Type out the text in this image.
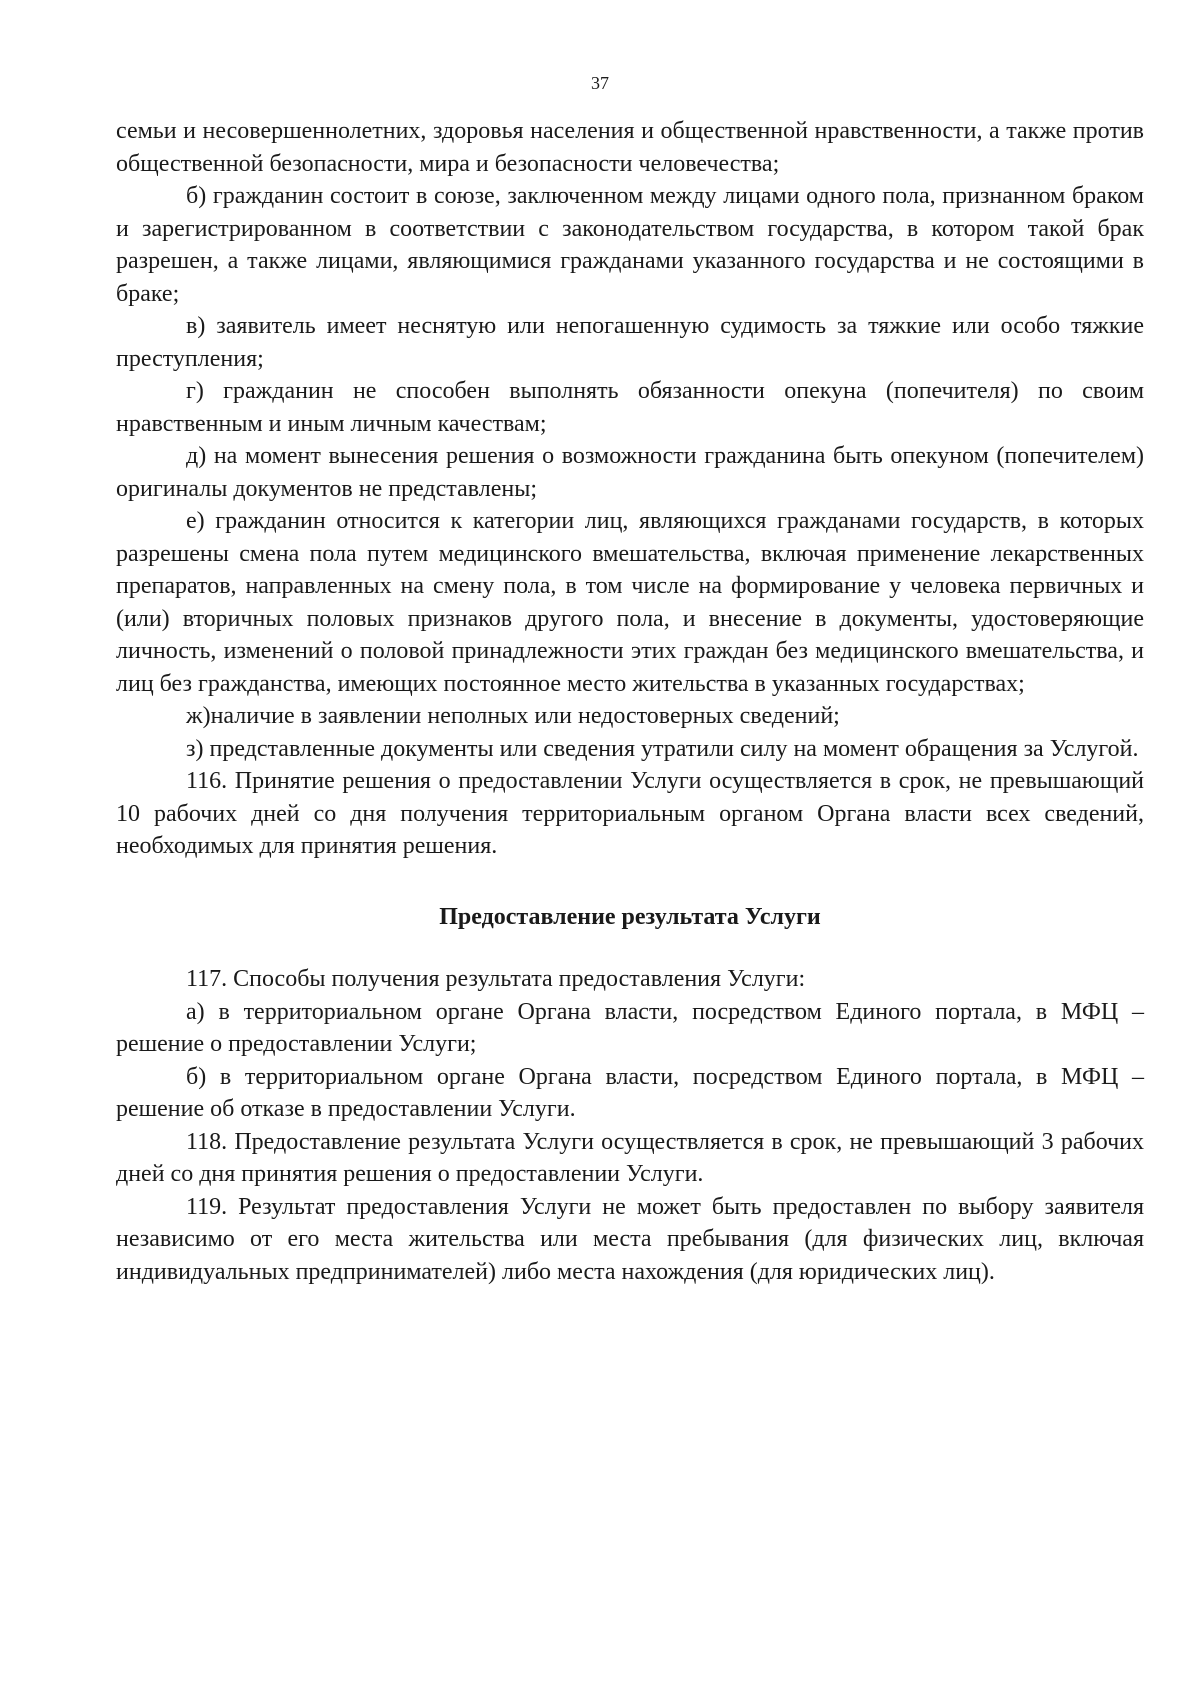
37

семьи и несовершеннолетних, здоровья населения и общественной нравственности, а также против общественной безопасности, мира и безопасности человечества;

б) гражданин состоит в союзе, заключенном между лицами одного пола, признанном браком и зарегистрированном в соответствии с законодательством государства, в котором такой брак разрешен, а также лицами, являющимися гражданами указанного государства и не состоящими в браке;

в) заявитель имеет неснятую или непогашенную судимость за тяжкие или особо тяжкие преступления;

г) гражданин не способен выполнять обязанности опекуна (попечителя) по своим нравственным и иным личным качествам;

д) на момент вынесения решения о возможности гражданина быть опекуном (попечителем) оригиналы документов не представлены;

е) гражданин относится к категории лиц, являющихся гражданами государств, в которых разрешены смена пола путем медицинского вмешательства, включая применение лекарственных препаратов, направленных на смену пола, в том числе на формирование у человека первичных и (или) вторичных половых признаков другого пола, и внесение в документы, удостоверяющие личность, изменений о половой принадлежности этих граждан без медицинского вмешательства, и лиц без гражданства, имеющих постоянное место жительства в указанных государствах;

ж)наличие в заявлении неполных или недостоверных сведений;

з) представленные документы или сведения утратили силу на момент обращения за Услугой.

116. Принятие решения о предоставлении Услуги осуществляется в срок, не превышающий 10 рабочих дней со дня получения территориальным органом Органа власти всех сведений, необходимых для принятия решения.

Предоставление результата Услуги

117. Способы получения результата предоставления Услуги:

а) в территориальном органе Органа власти, посредством Единого портала, в МФЦ – решение о предоставлении Услуги;

б) в территориальном органе Органа власти, посредством Единого портала, в МФЦ – решение об отказе в предоставлении Услуги.

118. Предоставление результата Услуги осуществляется в срок, не превышающий 3 рабочих дней со дня принятия решения о предоставлении Услуги.

119. Результат предоставления Услуги не может быть предоставлен по выбору заявителя независимо от его места жительства или места пребывания (для физических лиц, включая индивидуальных предпринимателей) либо места нахождения (для юридических лиц).
